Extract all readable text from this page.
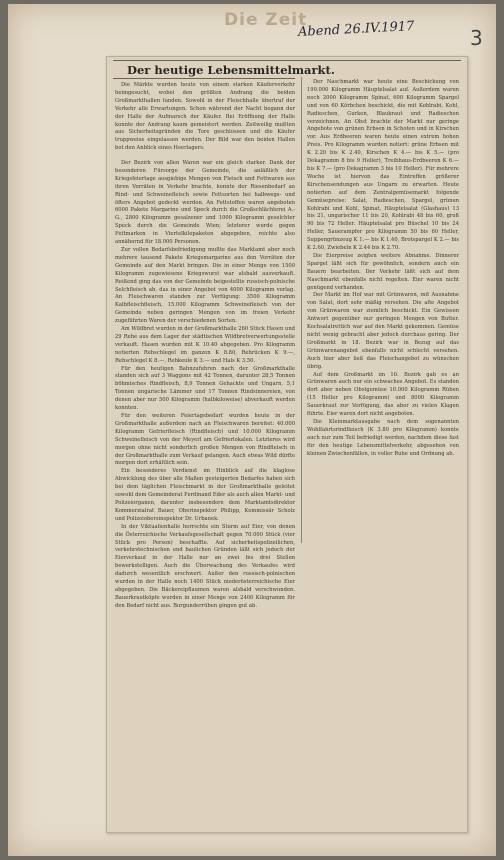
Die Zeit
Abend 26.IV.1917	3
Der heutige Lebensmittelmarkt.

Die Märkte wurden heute von einem starken Käuferverkehr heimgesucht, wobei den größten Andrang die beiden Großmarkthallen fanden. Sowohl in der Fleischhalle übertraf der Verkehr alle Erwartungen. Schon während der Nacht begann der der Halle der Aufmarsch der Käufer. Bei Eröffnung der Halle konnte der Andrang kaum gemeistert werden. Zeitweilig mußten aus Sicherheitsgründen die Tore geschlossen und die Käufer truppweise eingelassen werden. Der Bild war den beiden Hallen bot den Anblick eines Heerlagers.

Der Bezirk von allen Waren war ein gleich starker. Dank der besonderen Fürsorge der Gemeinde, die anläßlich der Kriegsfeiertage ausgiebige Mengen von Fleisch und Fettwaren aus ihren Vorräten in Verkehr brachte, konnte der Riesenbedarf an Rind- und Schweinefleisch sowie Fettsorten bei halbwegs- und öfters Angebot gedeckt werden. An Fettstoffen waren angeboten 6000 Pakete Margarine und Speck durch die Großschlächterei A.-G., 2800 Kilogramm gesalzener und 1000 Kilogramm geselchter Speck durch die Gemeinde Wien; letzterer wurde gegen Fettmarken in Viertelkilopaketen abgegeben, reichte also annähernd für 18.000 Personen.

Zur vollen Bedarfsbefriedigung mußte das Marktamt aber noch mehrere tausend Pakete Kriegsmargarine aus den Vorräten der Gemeinde auf den Markt bringen. Die in einer Menge von 1500 Kilogramm zugewiesene Kriegswurst war alsbald ausverkauft. Reißend ging das von der Gemeinde beigestellte russisch-polnische Selchfleisch ab, das in einer Angebot von 4000 Kilogramm vorlag. An Fleischwaren standen zur Verfügung: 3500 Kilogramm Kalbfleischfleisch, 15.000 Kilogramm Schweinefleisch von der Gemeinde neben geringen Mengen von im freien Verkehr zugeführten Waren der verschiedenen Sorten.

Am Wildbret wurden in der Großmarkthalle 260 Stück Hasen und 29 Rehe aus dem Lager der städtischen Wildbretverwertungsstelle verkauft. Hasen wurden mit K 10.40 abgegeben. Pro Kilogramm notierten Rehschlegel im ganzen K 8.80, Rehrücken K 9.—, Rehschlegel K 8.—, Rehkeule K 3.— und Hals K 3.50.

Für den heutigen Bahnzufuhren nach der Großmarkthalle standen sich auf 3 Waggons mit 42 Tonnen, darunter 28,5 Tonnen böhmisches Rindfleisch, 8,9 Tonnen Gehackte und Ungarn, 5,1 Tonnen ungarische Lämmer und 17 Tonnen Rindsinnereien, von denen aber nur 500 Kilogramm (halbkiloweise) abverkauft werden konnten.

Für den weiteren Feiertagsbedarf wurden heute in der Großmarkthalle außerdem nach an Fleischwaren bereitet: 40.000 Kilogramm Gefrierfleisch (Rindfleisch) und 10.000 Kilogramm Schweinefleisch von der Meyerl am Gefrierlokalen. Letzteres wird morgen ohne nicht sonderlich großen Mengen von Rindfleisch in der Großmarkthalle zum Verkauf gelangen. Auch etwas Wild dürfte morgen dort erhältlich sein.

Ein besonderes Verdienst im Hinblick auf die klaglose Abwicklung des über alle Maßen gesteigerten Bedarfes haben sich bei dem täglichen Fleischmarkt in der Großmarkthalle geleitet sowohl dem Gemeinderat Ferdinand Eder als auch allen Markt- und Polizeiorganen, darunter insbesondere dem Marktamtsdirektor Kommerzialrat Bauer, Oberinspektor Philipp, Kommissär Scholz und Polizeiobersinspektor Dr. Urbanek.

In der Viktualienhalle herrschte ein Sturm auf Eier, von denen die Österreichische Verkaufsgesellschaft gegen 70.000 Stück (vier Stück pro Person) beschaffte. Auf sicherheitspolizeilichen, verkehrstechnischen und baulichen Gründen läßt sich jedoch der Eierverkauf in der Halle nur an zwei bis drei Stellen bewerkstelligen. Auch die Überwachung des Verkaufes wird dadurch wesentlich erschwert. Außer den russisch-polnischen wurden in der Halle noch 1400 Stück niederösterreichische Eier abgegeben. Die Bäckereipflaumen waren alsbald verschwunden. Bauerkrautköpfe wurden in einer Menge von 2400 Kilogramm für den Bedarf nicht aus. Burgunderrüben gingen gut ab.

Der Naschmarkt war heute eine Beschickung von 190.000 Kilogramm Häuptelsalat auf. Außerdem waren noch 2000 Kilogramm Spinat, 600 Kilogramm Spargel und von 60 Körbchen beschickt, die mit Kohlrabi, Kohl, Radieschen, Gurken, Blaukraut und Radieschen verzeichnen. An Obst brachte der Markt nur geringe Angebote von grünen Erbsen in Schoten und in Kirschen vor. Aus Erdbeeren waren heute einen extrem hohen Preis. Pro Kilogramm wurden notiert: grüne Erbsen mit K 2.20 bis K 2.40, Kirschen K 4.— bis K 5.— (pro Dekagramm 8 bis 9 Heller), Treibhaus-Erdbeeren K 6.— bis K 7.— (pro Dekagramm 3 bis 10 Heller). Für mehrere Woche ist hiervon das Eintreffen größerer Kirschensendungen aus Ungarn zu erwarten. Heute notierten auf dem Zentralgemüsemarkt folgende Gemüsepreise: Salat, Radieschen, Spargel, grünen Kohlrabi und Kohl, Spinat, Häuptelsalat (Glashaus) 13 bis 21, ungarischer 11 bis 20, Kohlrabi 48 bis 60, groß 90 bis 72 Heller. Häuptelsalat pro Büschel 10 bis 24 Heller, Sauerampfer pro Kilogramm 50 bis 60 Heller, Suppengrünzeug K 1.— bis K 1.40, Brotspargel K 2.— bis K 2.60, Zwiebeln K 2.44 bis K 2.70.

Die Eierpreise zeigten weitere Abnahme. Dinnerer Spargel läßt sich für gewöhnlich, sondern auch ein Bauern bearbeiten. Der Verkehr läßt sich auf dem Naschmarkt ebenfalls nicht regelten. Eier waren nicht genügend verhanden.

Der Markt im Hof war mit Grünwaren, mit Ausnahme von Salat, dort sehr mäßig versehen. Die alte Angebot von Grünwaren war ziemlich beschickt. Ein Gewissen Antwort gegenüber nur geringen Mengen von Butter. Kochsalatrettich war auf den Markt gekommen. Gemüse nicht wenig gebracht aber jedoch durchaus gering. Der Großmarkt in 18. Bezirk war in Bezug auf das Grünwarenangebot ebenfalls nicht schlecht versehen. Auch hier aber ließ das Fleischangebot zu wünschen übrig.

Auf dem Großmarkt im 10. Bezirk gab es an Grünwaren auch nur ein schwaches Angebot. Es standen dort aber neben Obstgemüse 10.000 Kilogramm Rüben (15 Heller pro Kilogramm) und 8000 Kilogramm Sauerkraut zur Verfügung, das aber zu vielen Klagen führte. Eier waren dort nicht angeboten.

Die Kleinmarktausgabe nach dem sogenannten Wohlfahrtsrindfleisch (K 3.80 pro Kilogramm) konnte auch nur zum Teil befriedigt werden, nachdem diese fast für den heutige Lebensmittelverkehr, abgesehen von kleinen Zwischenfällen, in voller Ruhe und Ordnung ab.
